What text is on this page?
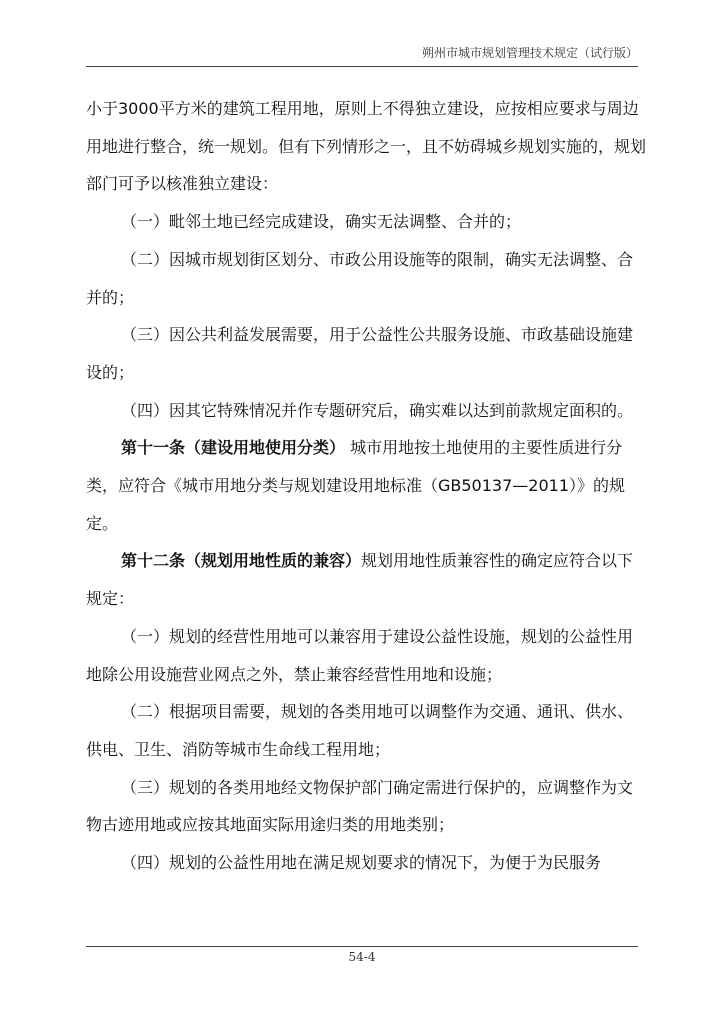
朔州市城市规划管理技术规定（试行版）

小于3000平方米的建筑工程用地，原则上不得独立建设，应按相应要求与周边用地进行整合，统一规划。但有下列情形之一，且不妨碍城乡规划实施的，规划部门可予以核准独立建设：

（一）毗邻土地已经完成建设，确实无法调整、合并的；

（二）因城市规划街区划分、市政公用设施等的限制，确实无法调整、合并的；

（三）因公共利益发展需要，用于公益性公共服务设施、市政基础设施建设的；

（四）因其它特殊情况并作专题研究后，确实难以达到前款规定面积的。

第十一条（建设用地使用分类） 城市用地按土地使用的主要性质进行分类，应符合《城市用地分类与规划建设用地标准（GB50137—2011）》的规定。

第十二条（规划用地性质的兼容）规划用地性质兼容性的确定应符合以下规定：

（一）规划的经营性用地可以兼容用于建设公益性设施，规划的公益性用地除公用设施营业网点之外，禁止兼容经营性用地和设施；

（二）根据项目需要，规划的各类用地可以调整作为交通、通讯、供水、供电、卫生、消防等城市生命线工程用地；

（三）规划的各类用地经文物保护部门确定需进行保护的，应调整作为文物古迹用地或应按其地面实际用途归类的用地类别；

（四）规划的公益性用地在满足规划要求的情况下，为便于为民服务

54-4
